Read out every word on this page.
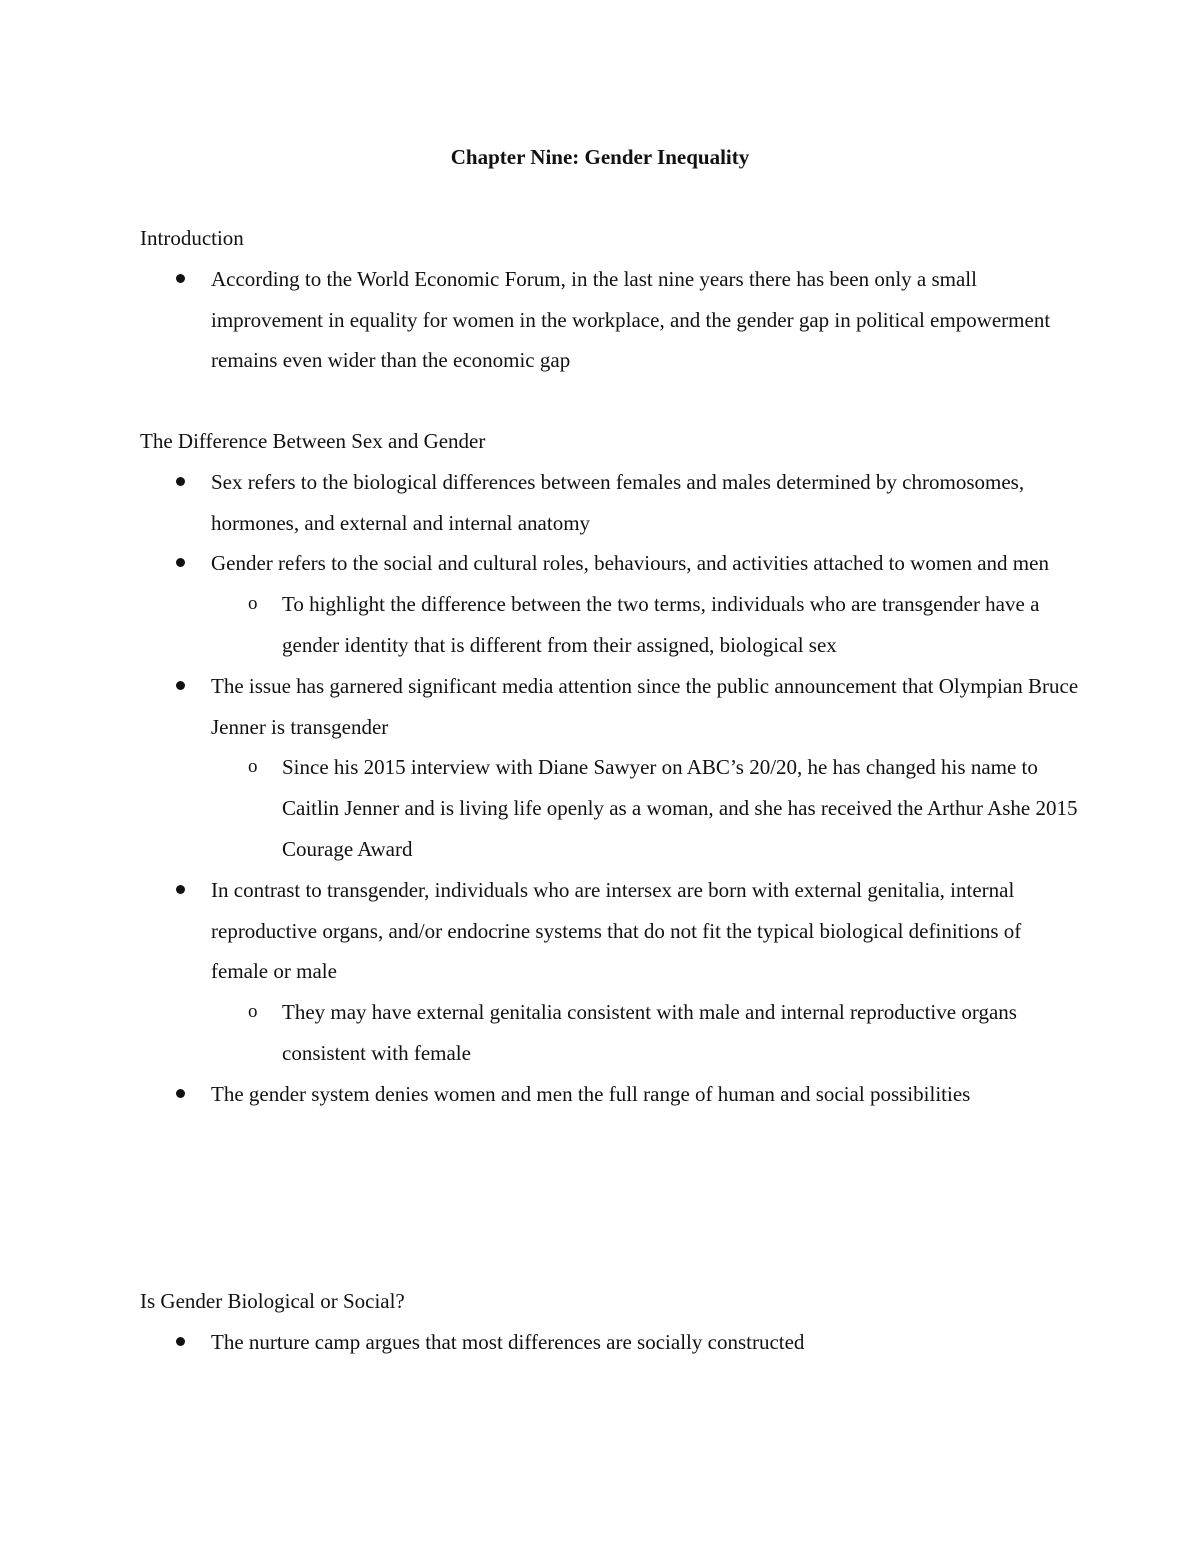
Chapter Nine: Gender Inequality

Introduction

According to the World Economic Forum, in the last nine years there has been only a small improvement in equality for women in the workplace, and the gender gap in political empowerment remains even wider than the economic gap

The Difference Between Sex and Gender

Sex refers to the biological differences between females and males determined by chromosomes, hormones, and external and internal anatomy
Gender refers to the social and cultural roles, behaviours, and activities attached to women and men
o To highlight the difference between the two terms, individuals who are transgender have a gender identity that is different from their assigned, biological sex
The issue has garnered significant media attention since the public announcement that Olympian Bruce Jenner is transgender
o Since his 2015 interview with Diane Sawyer on ABC’s 20/20, he has changed his name to Caitlin Jenner and is living life openly as a woman, and she has received the Arthur Ashe 2015 Courage Award
In contrast to transgender, individuals who are intersex are born with external genitalia, internal reproductive organs, and/or endocrine systems that do not fit the typical biological definitions of female or male
o They may have external genitalia consistent with male and internal reproductive organs consistent with female
The gender system denies women and men the full range of human and social possibilities

Is Gender Biological or Social?

The nurture camp argues that most differences are socially constructed
